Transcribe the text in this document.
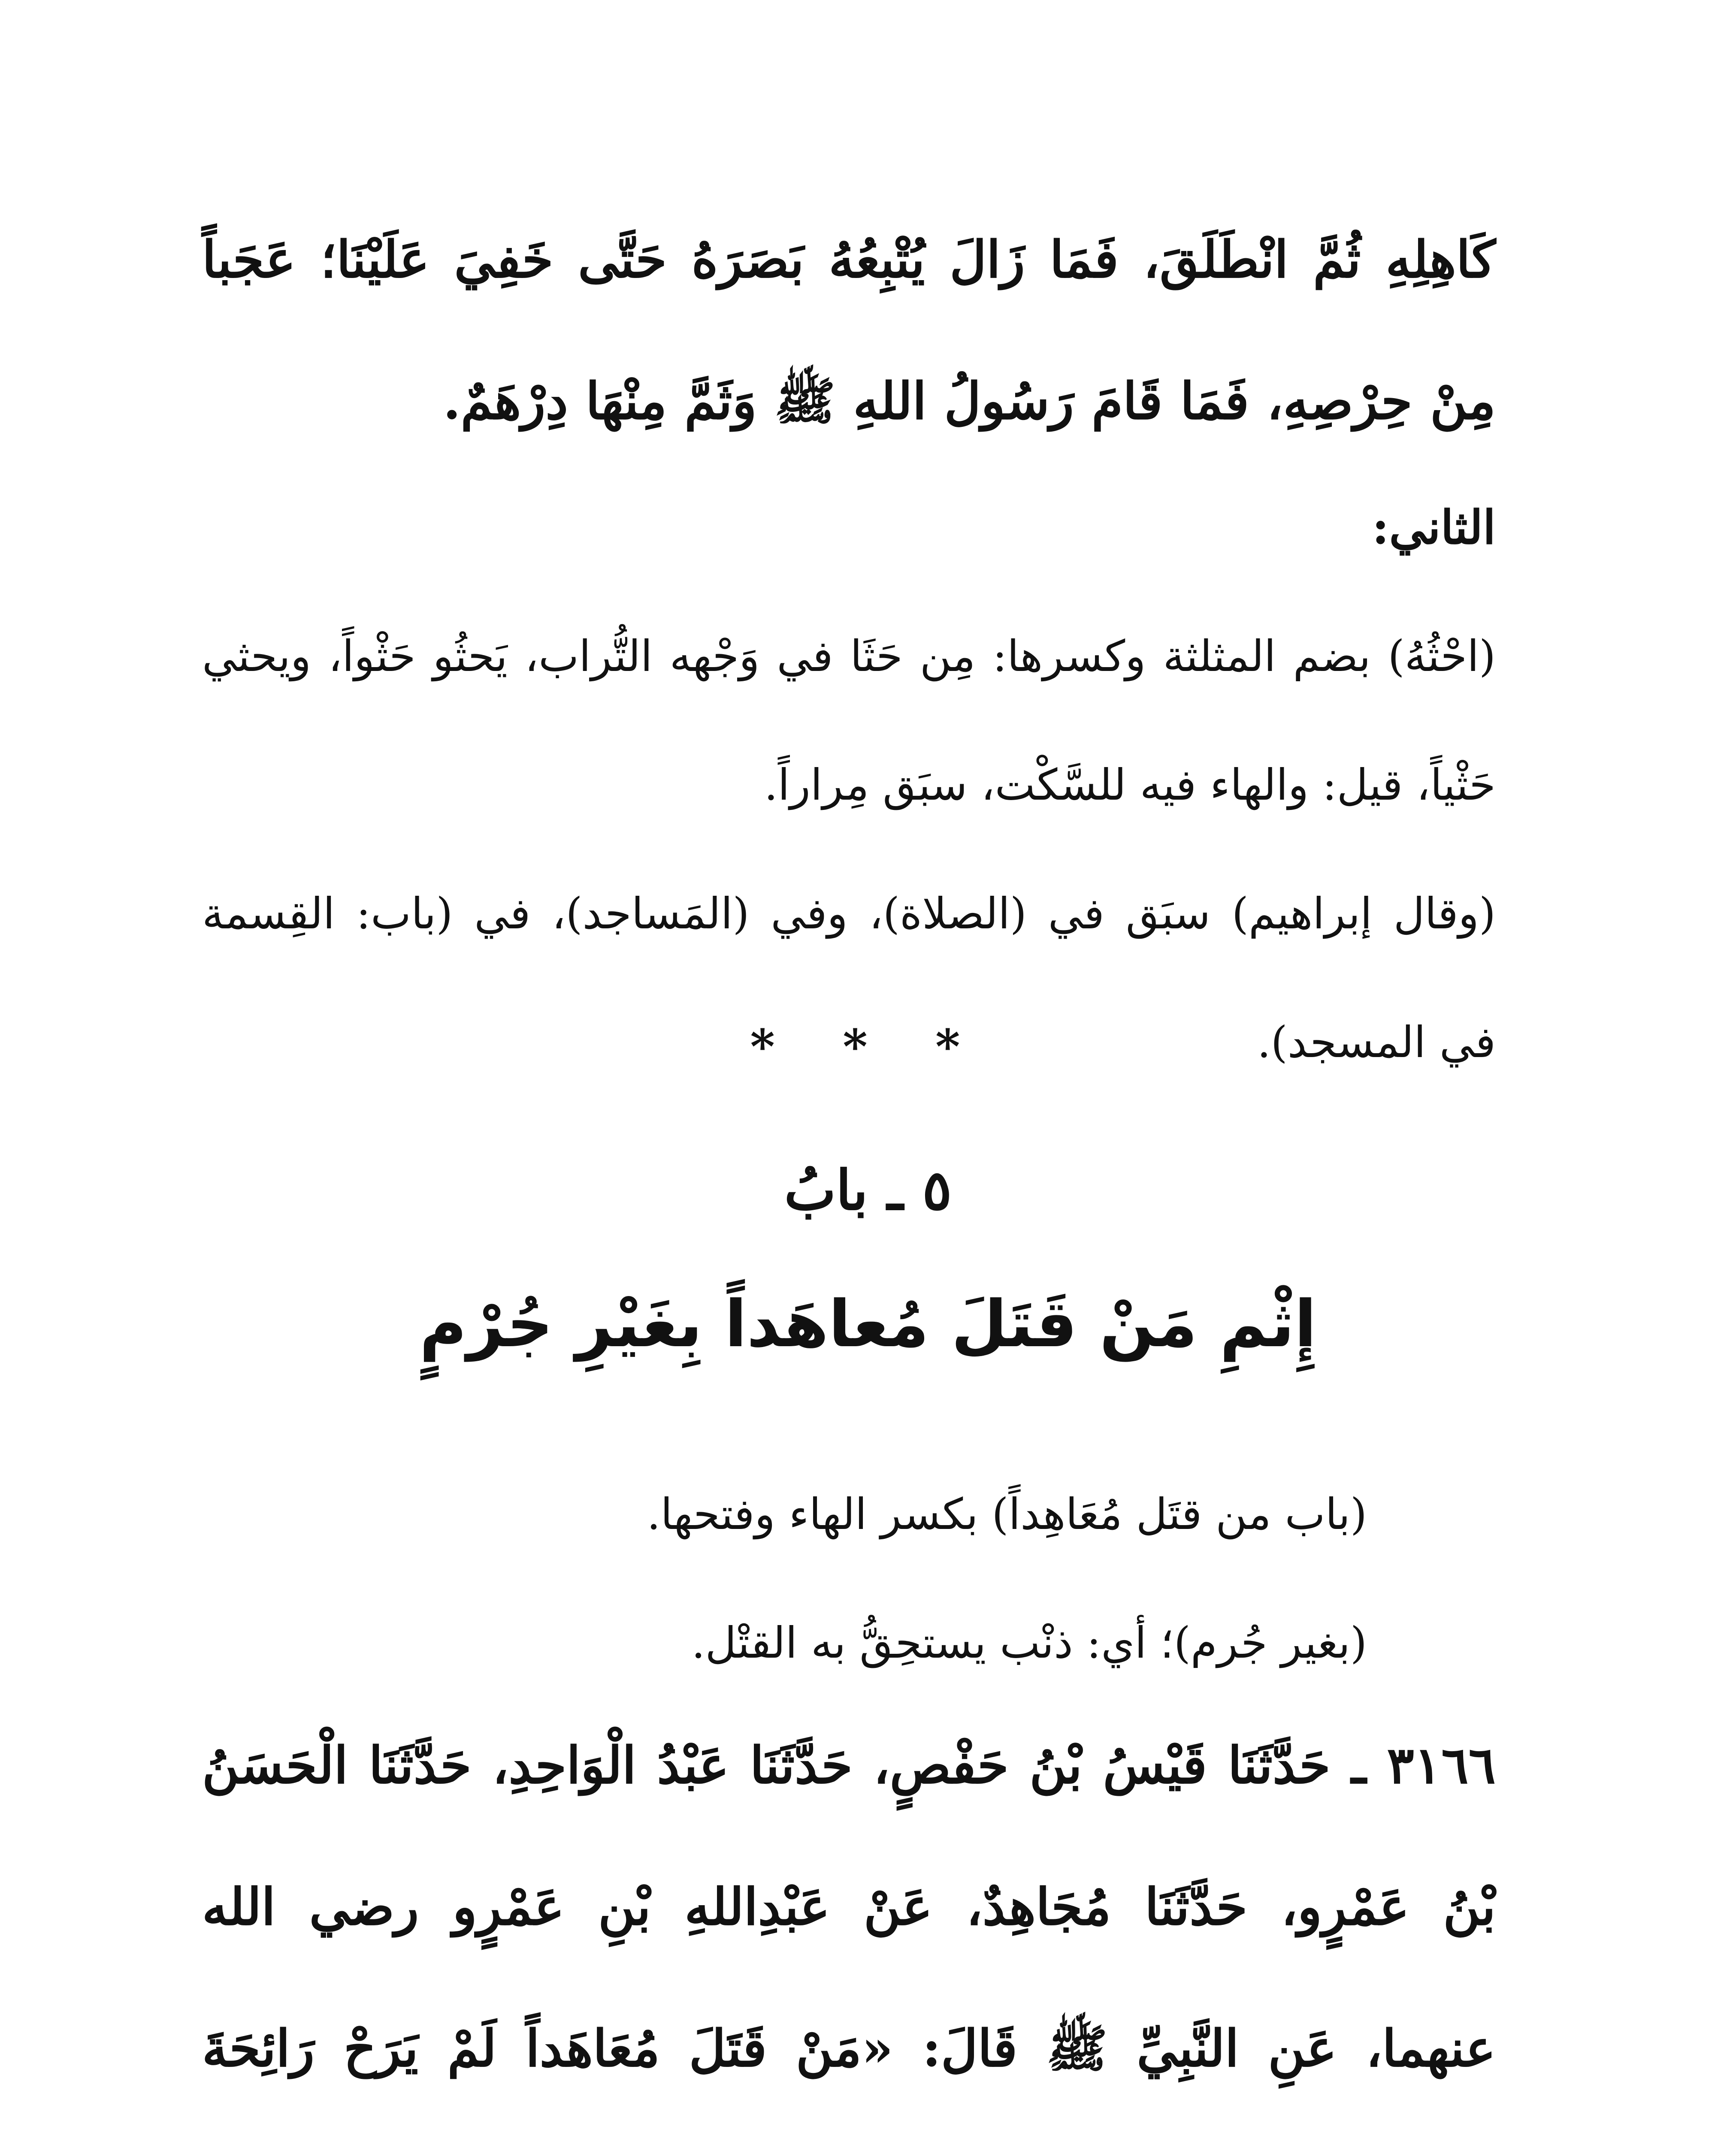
كَاهِلِهِ ثُمَّ انْطَلَقَ، فَمَا زَالَ يُتْبِعُهُ بَصَرَهُ حَتَّى خَفِيَ عَلَيْنَا؛ عَجَباً مِنْ حِرْصِهِ، فَمَا قَامَ رَسُولُ اللهِ ﷺ وَثَمَّ مِنْهَا دِرْهَمٌ.

الثاني:

(احْثُهُ) بضم المثلثة وكسرها: مِن حَثَا في وَجْهه التُّراب، يَحثُو حَثْواً، ويحثي حَثْياً، قيل: والهاء فيه للسَّكْت، سبَق مِراراً.

(وقال إبراهيم) سبَق في (الصلاة)، وفي (المَساجد)، في (باب: القِسمة في المسجد).

* * *
٥ ـ بابُ
إِثْمِ مَنْ قَتَلَ مُعاهَداً بِغَيْرِ جُرْمٍ

(باب من قتَل مُعَاهِداً) بكسر الهاء وفتحها.

(بغير جُرم)؛ أي: ذنْب يستحِقُّ به القتْل.

٣١٦٦ ـ حَدَّثَنَا قَيْسُ بْنُ حَفْصٍ، حَدَّثَنَا عَبْدُ الْوَاحِدِ، حَدَّثَنَا الْحَسَنُ بْنُ عَمْرٍو، حَدَّثَنَا مُجَاهِدٌ، عَنْ عَبْدِاللهِ بْنِ عَمْرٍو رضي الله عنهما، عَنِ النَّبِيِّ ﷺ قَالَ: «مَنْ قَتَلَ مُعَاهَداً لَمْ يَرَحْ رَائِحَةَ
